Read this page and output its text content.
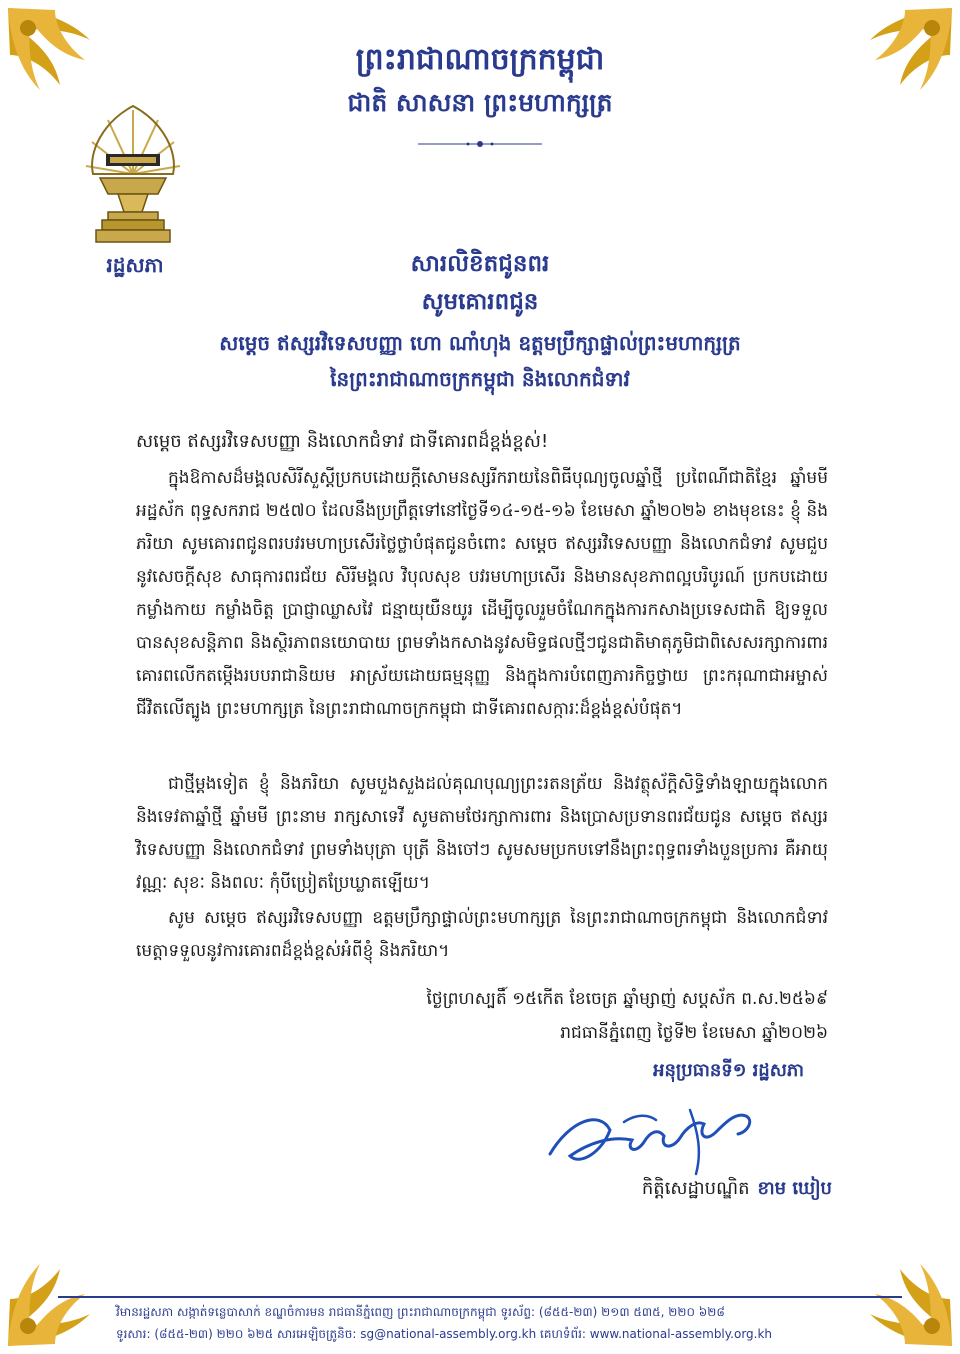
ព្រះរាជាណាចក្រកម្ពុជា
ជាតិ សាសនា ព្រះមហាក្សត្រ
រដ្ឋសភា	សារលិខិតជូនពរ
សូមគោរពជូន
សម្តេច ឥស្សរវិទេសបញ្ញា ហោ ណាំហុង ឧត្តមប្រឹក្សាផ្ទាល់ព្រះមហាក្សត្រ
នៃព្រះរាជាណាចក្រកម្ពុជា និងលោកជំទាវ
សម្តេច ឥស្សរវិទេសបញ្ញា និងលោកជំទាវ ជាទីគោរពដ៏ខ្ពង់ខ្ពស់!
ក្នុងឱកាសដ៏មង្គលសិរីសួស្តីប្រកបដោយក្តីសោមនស្សរីករាយនៃពិធីបុណ្យចូលឆ្នាំថ្មី ប្រពៃណីជាតិខ្មែរ ឆ្នាំមមី អដ្ឋស័ក ពុទ្ធសករាជ ២៥៧០ ដែលនឹងប្រព្រឹត្តទៅនៅថ្ងៃទី១៤-១៥-១៦ ខែមេសា ឆ្នាំ២០២៦ ខាងមុខនេះ ខ្ញុំ និងភរិយា សូមគោរពជូនពរបវរមហាប្រសើរថ្លៃថ្លាបំផុតជូនចំពោះ សម្តេច ឥស្សរវិទេសបញ្ញា និងលោកជំទាវ សូមជួបនូវសេចក្តីសុខ សាធុការពរជ័យ សិរីមង្គល វិបុលសុខ បវរមហាប្រសើរ និងមានសុខភាពល្អបរិបូរណ៍ ប្រកបដោយកម្លាំងកាយ កម្លាំងចិត្ត ប្រាជ្ញាឈ្លាសវៃ ជន្មាយុយឺនយូរ ដើម្បីចូលរួមចំណែកក្នុងការកសាងប្រទេសជាតិ ឱ្យទទួលបានសុខសន្តិភាព និងស្ថិរភាពនយោបាយ ព្រមទាំងកសាងនូវសមិទ្ធផលថ្មីៗជូនជាតិមាតុភូមិជាពិសេសរក្សាការពារគោរពលើកតម្កើងរបបរាជានិយម អាស្រ័យដោយធម្មនុញ្ញ និងក្នុងការបំពេញភារកិច្ចថ្វាយ ព្រះករុណាជាអម្ចាស់ជីវិតលើត្បូង ព្រះមហាក្សត្រ នៃព្រះរាជាណាចក្រកម្ពុជា ជាទីគោរពសក្ការៈដ៏ខ្ពង់ខ្ពស់បំផុត។
ជាថ្មីម្តងទៀត ខ្ញុំ និងភរិយា សូមបួងសួងដល់គុណបុណ្យព្រះរតនត្រ័យ និងវត្ថុស័ក្តិសិទ្ធិទាំងឡាយក្នុងលោក និងទេវតាឆ្នាំថ្មី ឆ្នាំមមី ព្រះនាម រាក្សសាទេវី សូមតាមថែរក្សាការពារ និងប្រោសប្រទានពរជ័យជូន សម្តេច ឥស្សរវិទេសបញ្ញា និងលោកជំទាវ ព្រមទាំងបុត្រា បុត្រី និងចៅៗ សូមសមប្រកបទៅនឹងព្រះពុទ្ធពរទាំងបួនប្រការ គឺអាយុ វណ្ណៈ សុខៈ និងពលៈ កុំបីប្រៀតប្រែឃ្លាតឡើយ។
សូម សម្តេច ឥស្សរវិទេសបញ្ញា ឧត្តមប្រឹក្សាផ្ទាល់ព្រះមហាក្សត្រ នៃព្រះរាជាណាចក្រកម្ពុជា និងលោកជំទាវ មេត្តាទទួលនូវការគោរពដ៏ខ្ពង់ខ្ពស់អំពីខ្ញុំ និងភរិយា។
ថ្ងៃព្រហស្បតិ៍ ១៥កើត ខែចេត្រ ឆ្នាំម្សាញ់ សប្តស័ក ព.ស.២៥៦៩
រាជធានីភ្នំពេញ ថ្ងៃទី២ ខែមេសា ឆ្នាំ២០២៦
អនុប្រធានទី១ រដ្ឋសភា
កិត្តិសេដ្ឋាបណ្ឌិត ខាម ឃៀប
វិមានរដ្ឋសភា សង្កាត់ទន្លេបាសាក់ ខណ្ឌចំការមន រាជធានីភ្នំពេញ ព្រះរាជាណាចក្រកម្ពុជា ទូរស័ព្ទ: (៨៥៥-២៣) ២១៣ ៥៣៥, ២២០ ៦២៨
ទូរសារ: (៨៥៥-២៣) ២២០ ៦២៥ សារអេឡិចត្រូនិច: sg@national-assembly.org.kh គេហទំព័រ: www.national-assembly.org.kh
